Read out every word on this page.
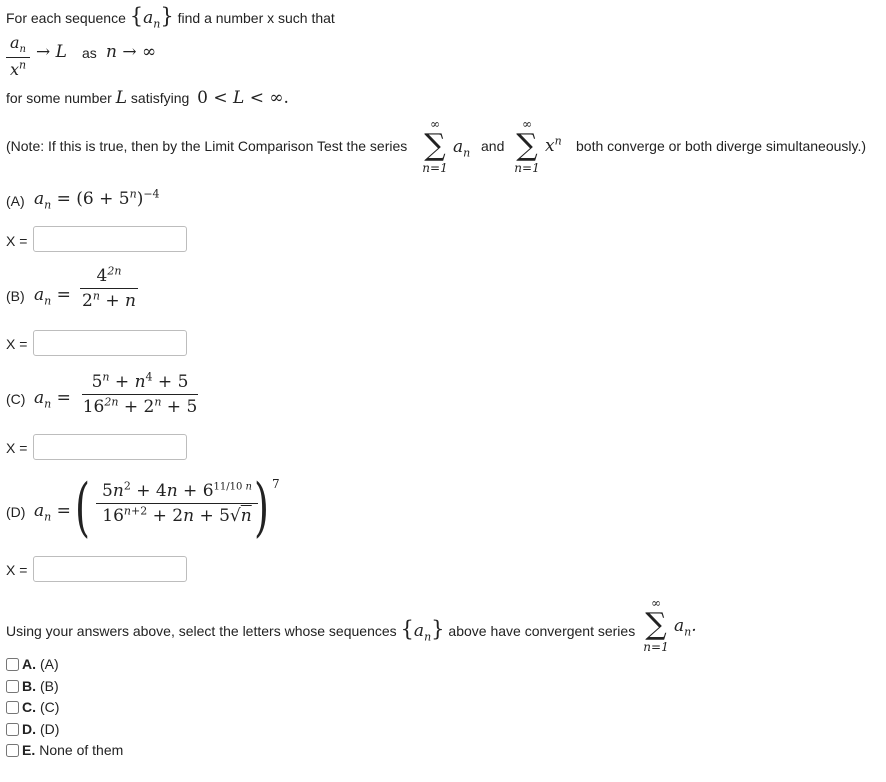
For each sequence $\{a_n\}$ find a number x such that
$a_n$
$x^n$
→ L as n → ∞
for some number L satisfying 0 < L < ∞.
(Note: If this is true, then by the Limit Comparison Test the series
∞
∑
n=1
$a_n$ and
∞
∑
n=1
$x^n$ both converge or both diverge simultaneously.)
(A) $a_n = (6 + 5^n)^{-4}$
X =
(B) $a_n$ =
$4^{2n}$
$2^n + n$
X =
(C) $a_n$ =
$5^n + n^4 + 5$
$16^{2n} + 2^n + 5$
X =
(D) $a_n$ = ( $5n^2 + 4n + 6^{11/10 n}$
$16^{n+2} + 2n + 5√n$ ) 7
X =
Using your answers above, select the letters whose sequences $\{a_n\}$ above have convergent series
∞
∑
n=1
$a_n$.
A. (A)
B. (B)
C. (C)
D. (D)
E. None of them
